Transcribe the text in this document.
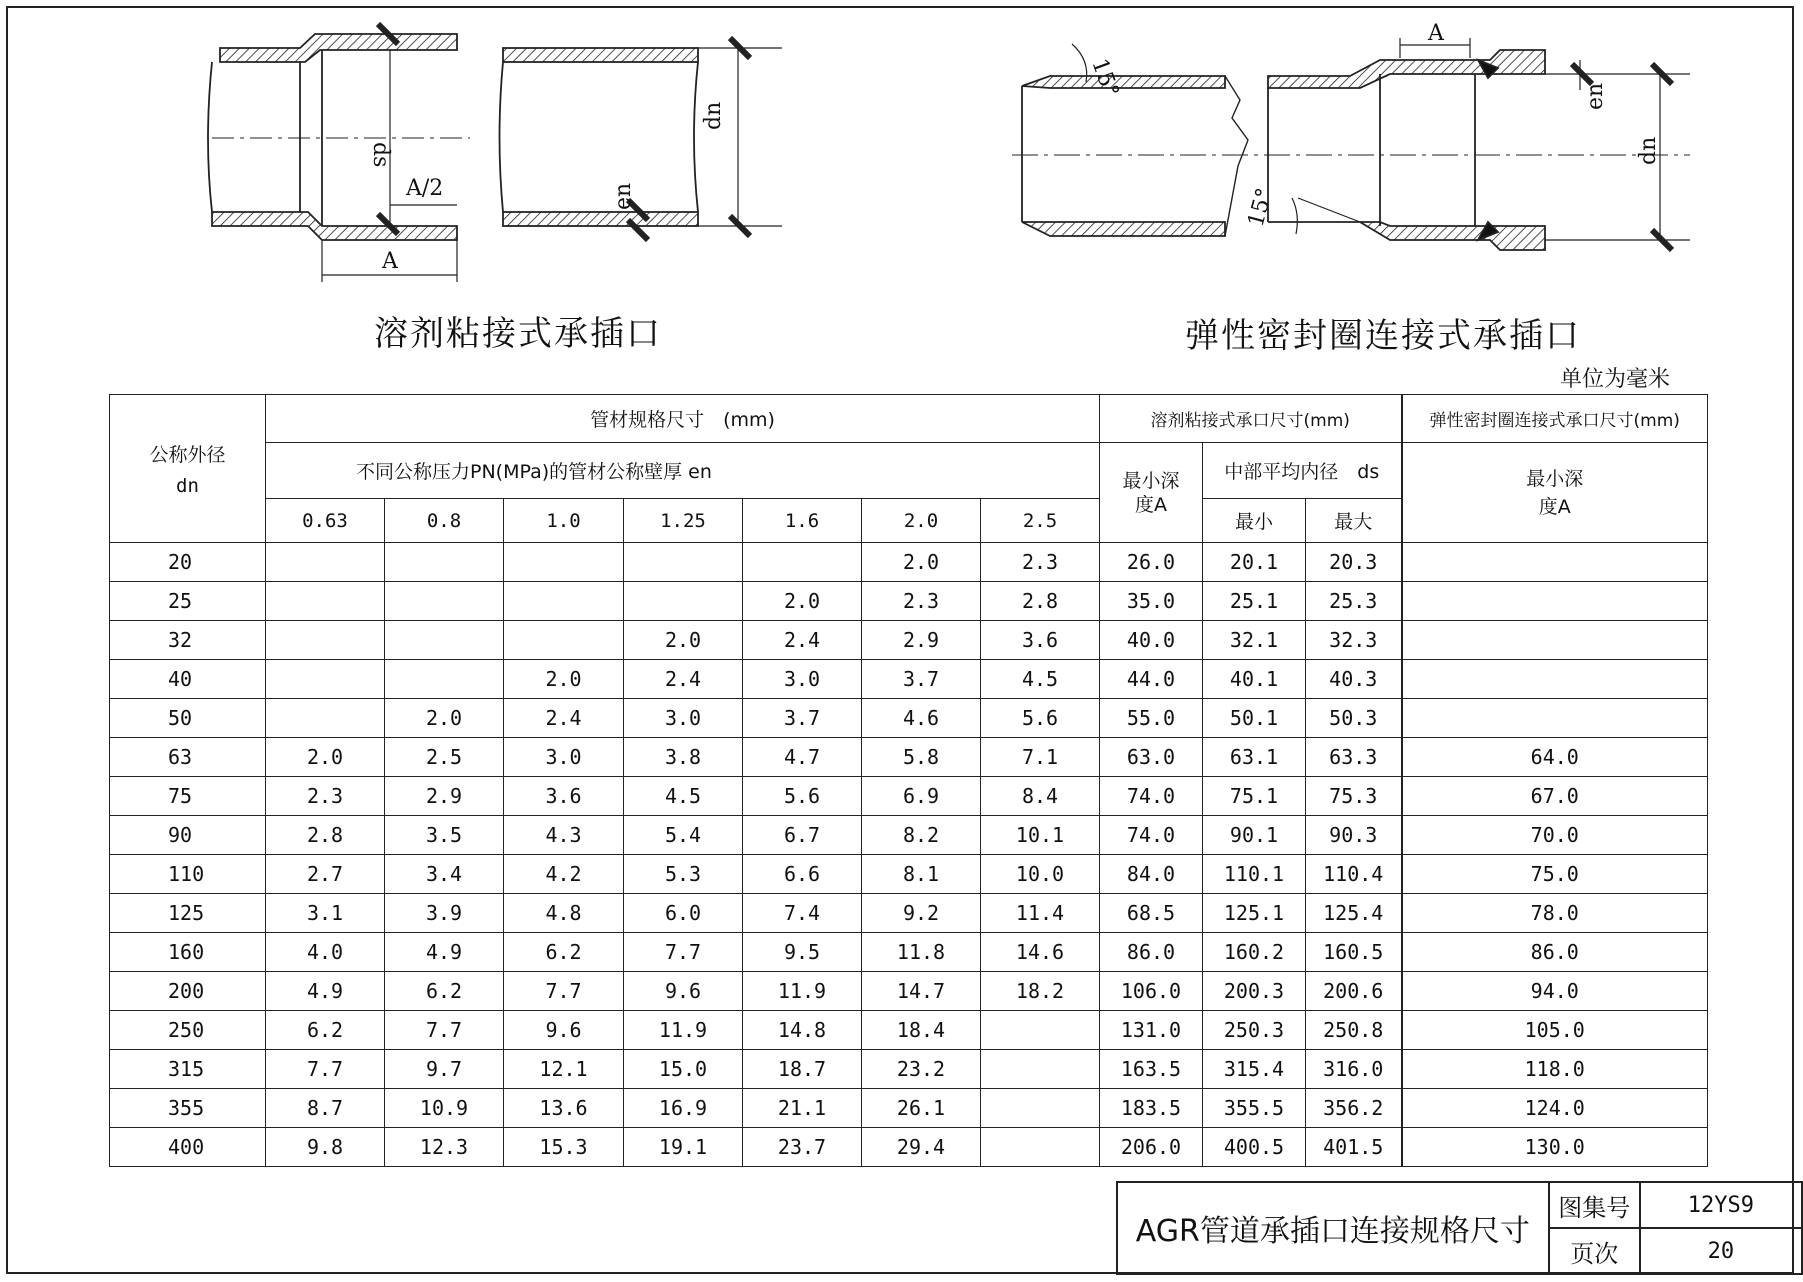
ds
A/2
A
dn
en
15°
15°
A
en
dn
溶剂粘接式承插口	弹性密封圈连接式承插口
单位为毫米
公称外径
dn	管材规格尺寸　(mm)							溶剂粘接式承口尺寸(mm)			弹性密封圈连接式承口尺寸(mm)
	不同公称压力PN(MPa)的管材公称壁厚 en							最小深度A	中部平均内径　ds		最小深度A
	0.63	0.8	1.0	1.25	1.6	2.0	2.5		最小	最大	
20						2.0	2.3	26.0	20.1	20.3	
25					2.0	2.3	2.8	35.0	25.1	25.3	
32				2.0	2.4	2.9	3.6	40.0	32.1	32.3	
40			2.0	2.4	3.0	3.7	4.5	44.0	40.1	40.3	
50		2.0	2.4	3.0	3.7	4.6	5.6	55.0	50.1	50.3	
63	2.0	2.5	3.0	3.8	4.7	5.8	7.1	63.0	63.1	63.3	64.0
75	2.3	2.9	3.6	4.5	5.6	6.9	8.4	74.0	75.1	75.3	67.0
90	2.8	3.5	4.3	5.4	6.7	8.2	10.1	74.0	90.1	90.3	70.0
110	2.7	3.4	4.2	5.3	6.6	8.1	10.0	84.0	110.1	110.4	75.0
125	3.1	3.9	4.8	6.0	7.4	9.2	11.4	68.5	125.1	125.4	78.0
160	4.0	4.9	6.2	7.7	9.5	11.8	14.6	86.0	160.2	160.5	86.0
200	4.9	6.2	7.7	9.6	11.9	14.7	18.2	106.0	200.3	200.6	94.0
250	6.2	7.7	9.6	11.9	14.8	18.4		131.0	250.3	250.8	105.0
315	7.7	9.7	12.1	15.0	18.7	23.2		163.5	315.4	316.0	118.0
355	8.7	10.9	13.6	16.9	21.1	26.1		183.5	355.5	356.2	124.0
400	9.8	12.3	15.3	19.1	23.7	29.4		206.0	400.5	401.5	130.0
AGR管道承插口连接规格尺寸	图集号	12YS9
	页次	20
